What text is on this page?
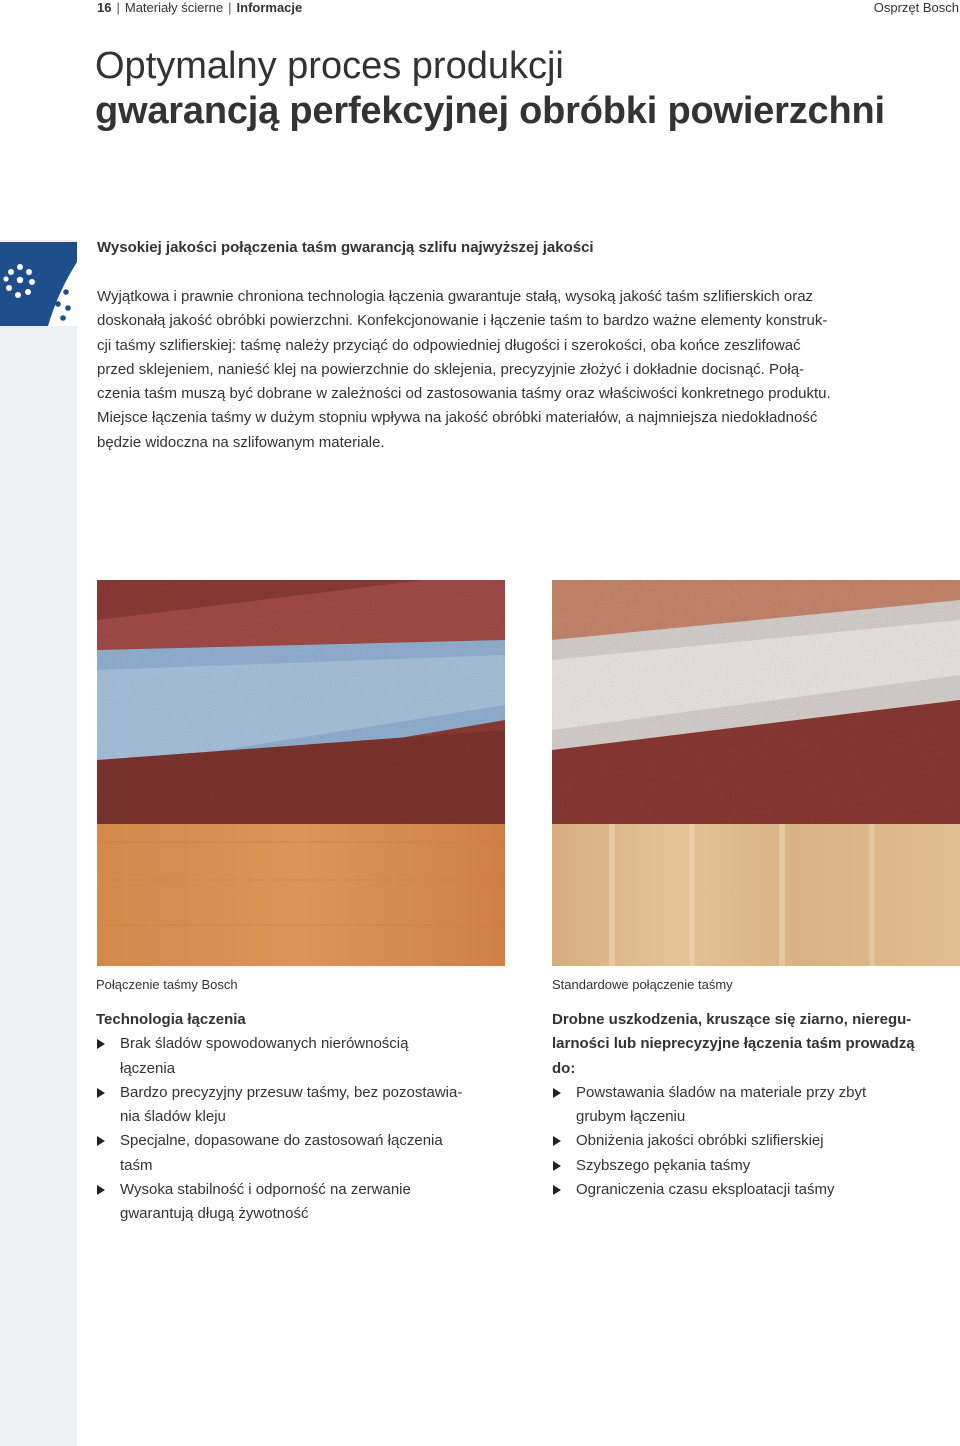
16 | Materiały ścierne | Informacje	Osprzęt Bosch
Optymalny proces produkcji
gwarancją perfekcyjnej obróbki powierzchni
Wysokiej jakości połączenia taśm gwarancją szlifu najwyższej jakości
Wyjątkowa i prawnie chroniona technologia łączenia gwarantuje stałą, wysoką jakość taśm szlifierskich oraz
doskonałą jakość obróbki powierzchni. Konfekcjonowanie i łączenie taśm to bardzo ważne elementy konstruk-
cji taśmy szlifierskiej: taśmę należy przyciąć do odpowiedniej długości i szerokości, oba końce zeszlifować
przed sklejeniem, nanieść klej na powierzchnie do sklejenia, precyzyjnie złożyć i dokładnie docisnąć. Połą-
czenia taśm muszą być dobrane w zależności od zastosowania taśmy oraz właściwości konkretnego produktu.
Miejsce łączenia taśmy w dużym stopniu wpływa na jakość obróbki materiałów, a najmniejsza niedokładność
będzie widoczna na szlifowanym materiale.
Połączenie taśmy Bosch	Standardowe połączenie taśmy
Technologia łączenia
Brak śladów spowodowanych nierównością
łączenia
Bardzo precyzyjny przesuw taśmy, bez pozostawia-
nia śladów kleju
Specjalne, dopasowane do zastosowań łączenia
taśm
Wysoka stabilność i odporność na zerwanie
gwarantują długą żywotność
Drobne uszkodzenia, kruszące się ziarno, nieregu-
larności lub nieprecyzyjne łączenia taśm prowadzą
do:
Powstawania śladów na materiale przy zbyt
grubym łączeniu
Obniżenia jakości obróbki szlifierskiej
Szybszego pękania taśmy
Ograniczenia czasu eksploatacji taśmy
